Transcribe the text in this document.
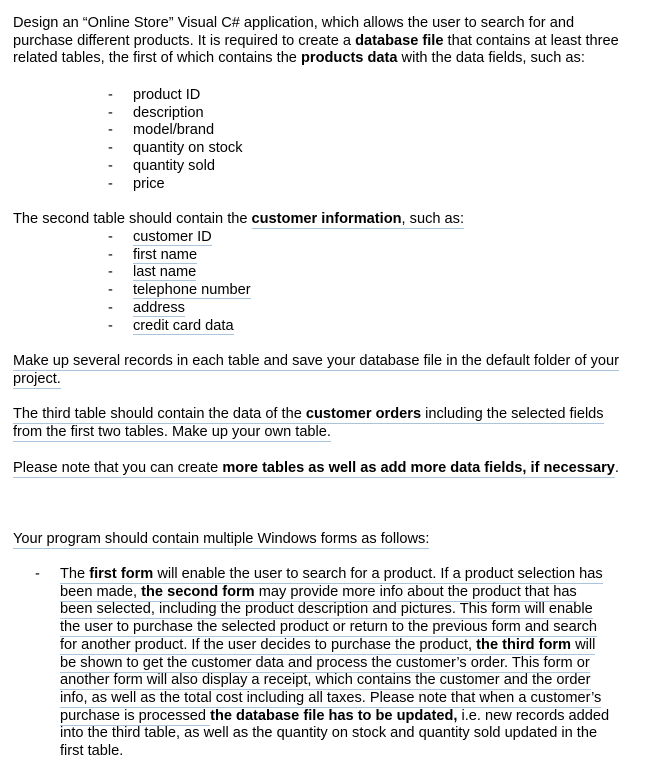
Design an “Online Store” Visual C# application, which allows the user to search for and purchase different products. It is required to create a database file that contains at least three related tables, the first of which contains the products data with the data fields, such as:

- product ID
- description
- model/brand
- quantity on stock
- quantity sold
- price

The second table should contain the customer information, such as:

- customer ID
- first name
- last name
- telephone number
- address
- credit card data

Make up several records in each table and save your database file in the default folder of your project.

The third table should contain the data of the customer orders including the selected fields from the first two tables. Make up your own table.

Please note that you can create more tables as well as add more data fields, if necessary.

Your program should contain multiple Windows forms as follows:

- The first form will enable the user to search for a product. If a product selection has been made, the second form may provide more info about the product that has been selected, including the product description and pictures. This form will enable the user to purchase the selected product or return to the previous form and search for another product. If the user decides to purchase the product, the third form will be shown to get the customer data and process the customer’s order. This form or another form will also display a receipt, which contains the customer and the order info, as well as the total cost including all taxes. Please note that when a customer’s purchase is processed the database file has to be updated, i.e. new records added into the third table, as well as the quantity on stock and quantity sold updated in the first table.
